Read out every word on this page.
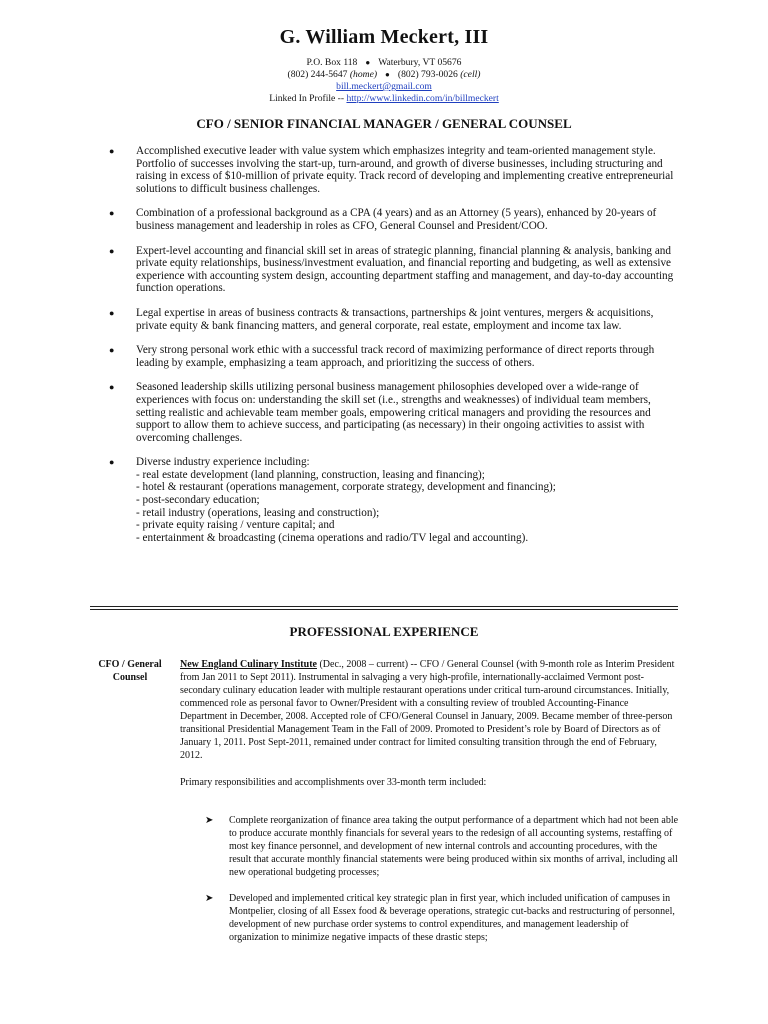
G. William Meckert, III
P.O. Box 118 ● Waterbury, VT 05676
(802) 244-5647 (home) ● (802) 793-0026 (cell)
bill.meckert@gmail.com
Linked In Profile -- http://www.linkedin.com/in/billmeckert
CFO / SENIOR FINANCIAL MANAGER / GENERAL COUNSEL
● Accomplished executive leader with value system which emphasizes integrity and team-oriented management style. Portfolio of successes involving the start-up, turn-around, and growth of diverse businesses, including structuring and raising in excess of $10-million of private equity. Track record of developing and implementing creative entrepreneurial solutions to difficult business challenges.
● Combination of a professional background as a CPA (4 years) and as an Attorney (5 years), enhanced by 20-years of business management and leadership in roles as CFO, General Counsel and President/COO.
● Expert-level accounting and financial skill set in areas of strategic planning, financial planning & analysis, banking and private equity relationships, business/investment evaluation, and financial reporting and budgeting, as well as extensive experience with accounting system design, accounting department staffing and management, and day-to-day accounting function operations.
● Legal expertise in areas of business contracts & transactions, partnerships & joint ventures, mergers & acquisitions, private equity & bank financing matters, and general corporate, real estate, employment and income tax law.
● Very strong personal work ethic with a successful track record of maximizing performance of direct reports through leading by example, emphasizing a team approach, and prioritizing the success of others.
● Seasoned leadership skills utilizing personal business management philosophies developed over a wide-range of experiences with focus on: understanding the skill set (i.e., strengths and weaknesses) of individual team members, setting realistic and achievable team member goals, empowering critical managers and providing the resources and support to allow them to achieve success, and participating (as necessary) in their ongoing activities to assist with overcoming challenges.
● Diverse industry experience including:
- real estate development (land planning, construction, leasing and financing);
- hotel & restaurant (operations management, corporate strategy, development and financing);
- post-secondary education;
- retail industry (operations, leasing and construction);
- private equity raising / venture capital; and
- entertainment & broadcasting (cinema operations and radio/TV legal and accounting).
PROFESSIONAL EXPERIENCE
CFO / General
Counsel

New England Culinary Institute (Dec., 2008 – current) -- CFO / General Counsel (with 9-month role as Interim President from Jan 2011 to Sept 2011). Instrumental in salvaging a very high-profile, internationally-acclaimed Vermont post-secondary culinary education leader with multiple restaurant operations under critical turn-around circumstances. Initially, commenced role as personal favor to Owner/President with a consulting review of troubled Accounting-Finance Department in December, 2008. Accepted role of CFO/General Counsel in January, 2009. Became member of three-person transitional Presidential Management Team in the Fall of 2009. Promoted to President’s role by Board of Directors as of January 1, 2011. Post Sept-2011, remained under contract for limited consulting transition through the end of February, 2012.

Primary responsibilities and accomplishments over 33-month term included:

➤ Complete reorganization of finance area taking the output performance of a department which had not been able to produce accurate monthly financials for several years to the redesign of all accounting systems, restaffing of most key finance personnel, and development of new internal controls and accounting procedures, with the result that accurate monthly financial statements were being produced within six months of arrival, including all new operational budgeting processes;
➤ Developed and implemented critical key strategic plan in first year, which included unification of campuses in Montpelier, closing of all Essex food & beverage operations, strategic cut-backs and restructuring of personnel, development of new purchase order systems to control expenditures, and management leadership of organization to minimize negative impacts of these drastic steps;
